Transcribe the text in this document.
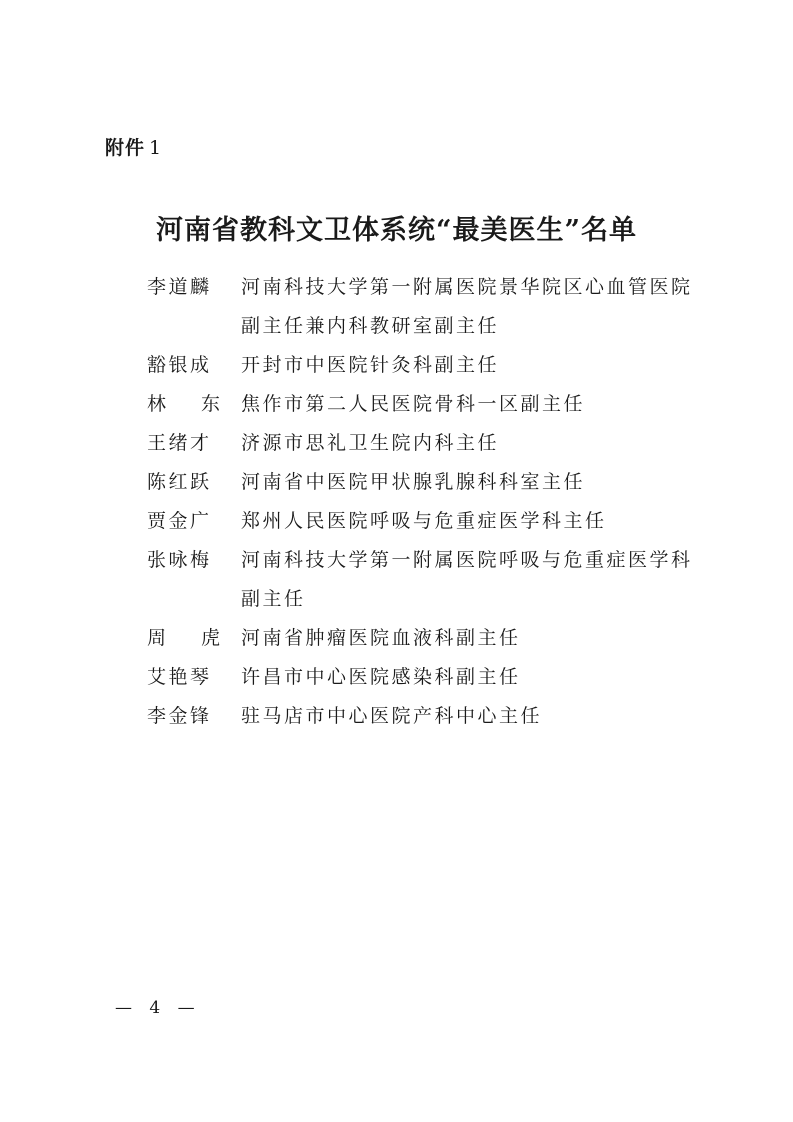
附件 1
河南省教科文卫体系统“最美医生”名单
李道麟	河南科技大学第一附属医院景华院区心血管医院副主任兼内科教研室副主任
豁银成	开封市中医院针灸科副主任
林 东	焦作市第二人民医院骨科一区副主任
王绪才	济源市思礼卫生院内科主任
陈红跃	河南省中医院甲状腺乳腺科科室主任
贾金广	郑州人民医院呼吸与危重症医学科主任
张咏梅	河南科技大学第一附属医院呼吸与危重症医学科副主任
周 虎	河南省肿瘤医院血液科副主任
艾艳琴	许昌市中心医院感染科副主任
李金锋	驻马店市中心医院产科中心主任
— 4 —
